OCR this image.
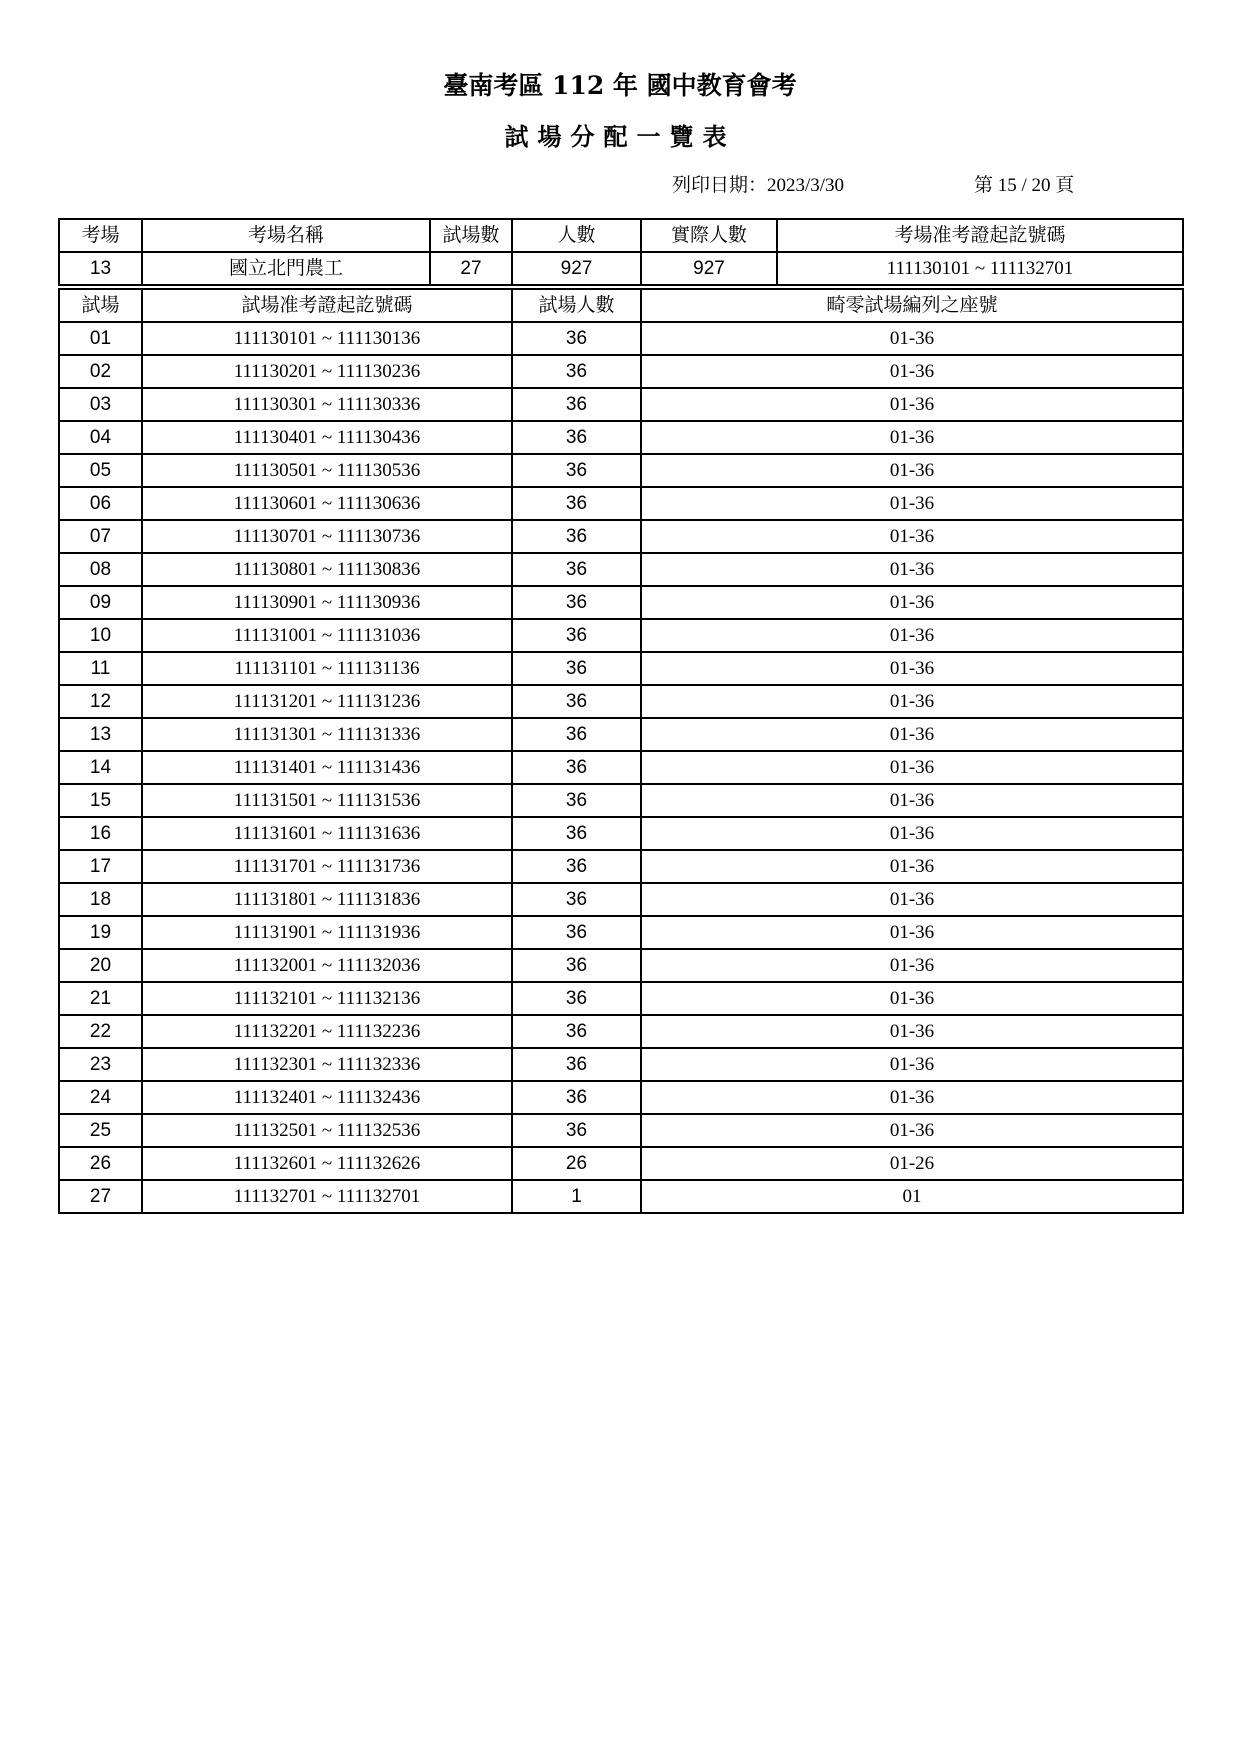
臺南考區 112 年 國中教育會考
試場分配一覽表
列印日期：2023/3/30	第 15 / 20 頁
考場	考場名稱	試場數	人數	實際人數	考場准考證起訖號碼
13	國立北門農工	27	927	927	111130101 ~ 111132701
試場	試場准考證起訖號碼	試場人數	畸零試場編列之座號
01	111130101 ~ 111130136	36	01-36
02	111130201 ~ 111130236	36	01-36
03	111130301 ~ 111130336	36	01-36
04	111130401 ~ 111130436	36	01-36
05	111130501 ~ 111130536	36	01-36
06	111130601 ~ 111130636	36	01-36
07	111130701 ~ 111130736	36	01-36
08	111130801 ~ 111130836	36	01-36
09	111130901 ~ 111130936	36	01-36
10	111131001 ~ 111131036	36	01-36
11	111131101 ~ 111131136	36	01-36
12	111131201 ~ 111131236	36	01-36
13	111131301 ~ 111131336	36	01-36
14	111131401 ~ 111131436	36	01-36
15	111131501 ~ 111131536	36	01-36
16	111131601 ~ 111131636	36	01-36
17	111131701 ~ 111131736	36	01-36
18	111131801 ~ 111131836	36	01-36
19	111131901 ~ 111131936	36	01-36
20	111132001 ~ 111132036	36	01-36
21	111132101 ~ 111132136	36	01-36
22	111132201 ~ 111132236	36	01-36
23	111132301 ~ 111132336	36	01-36
24	111132401 ~ 111132436	36	01-36
25	111132501 ~ 111132536	36	01-36
26	111132601 ~ 111132626	26	01-26
27	111132701 ~ 111132701	1	01
